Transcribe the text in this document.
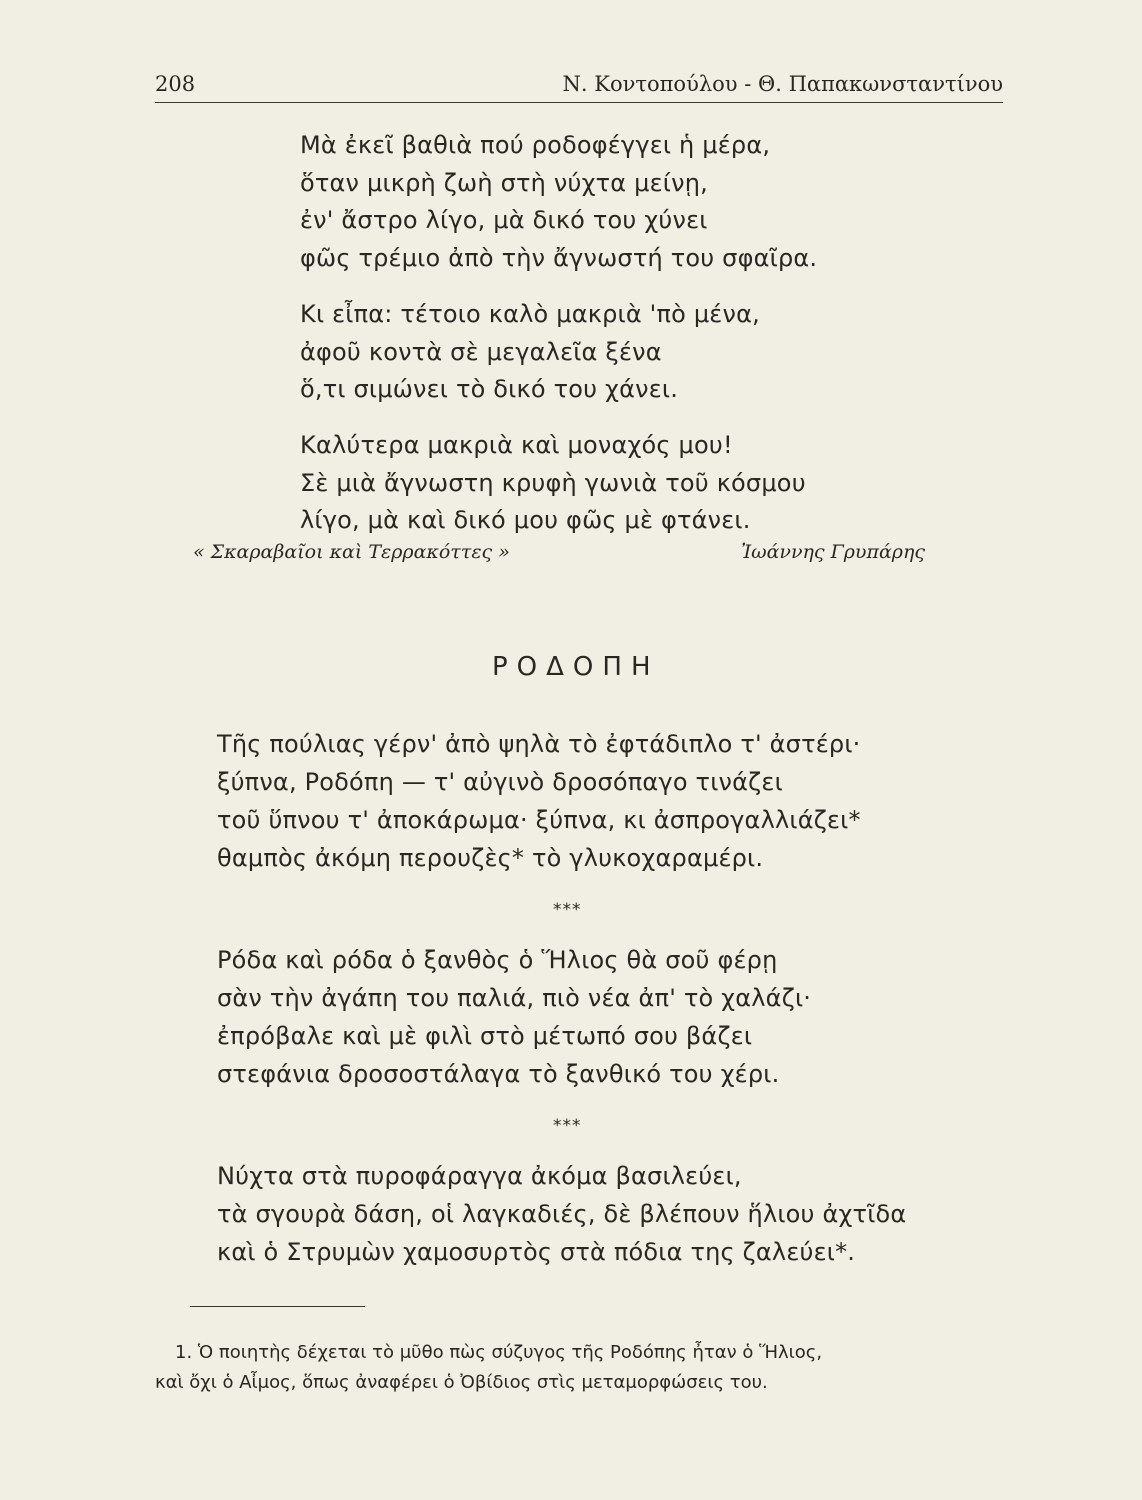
208	Ν. Κοντοπούλου - Θ. Παπακωνσταντίνου
Μὰ ἐκεῖ βαθιὰ πού ροδοφέγγει ἡ μέρα,
ὅταν μικρὴ ζωὴ στὴ νύχτα μείνῃ,
ἐν' ἄστρο λίγο, μὰ δικό του χύνει
φῶς τρέμιο ἀπὸ τὴν ἄγνωστή του σφαῖρα.
Κι εἶπα: τέτοιο καλὸ μακριὰ 'πὸ μένα,
ἀφοῦ κοντὰ σὲ μεγαλεῖα ξένα
ὅ,τι σιμώνει τὸ δικό του χάνει.
Καλύτερα μακριὰ καὶ μοναχός μου!
Σὲ μιὰ ἄγνωστη κρυφὴ γωνιὰ τοῦ κόσμου
λίγο, μὰ καὶ δικό μου φῶς μὲ φτάνει.
« Σκαραβαῖοι καὶ Τερρακόττες »	Ἰωάννης Γρυπάρης
ΡΟΔΟΠΗ
Τῆς πούλιας γέρν' ἀπὸ ψηλὰ τὸ ἐφτάδιπλο τ' ἀστέρι·
ξύπνα, Ροδόπη — τ' αὐγινὸ δροσόπαγο τινάζει
τοῦ ὕπνου τ' ἀποκάρωμα· ξύπνα, κι ἀσπρογαλλιάζει*
θαμπὸς ἀκόμη περουζὲς* τὸ γλυκοχαραμέρι.
***
Ρόδα καὶ ρόδα ὁ ξανθὸς ὁ Ἥλιος θὰ σοῦ φέρῃ
σὰν τὴν ἀγάπη του παλιά, πιὸ νέα ἀπ' τὸ χαλάζι·
ἐπρόβαλε καὶ μὲ φιλὶ στὸ μέτωπό σου βάζει
στεφάνια δροσοστάλαγα τὸ ξανθικό του χέρι.
***
Νύχτα στὰ πυροφάραγγα ἀκόμα βασιλεύει,
τὰ σγουρὰ δάση, οἱ λαγκαδιές, δὲ βλέπουν ἥλιου ἀχτῖδα
καὶ ὁ Στρυμὼν χαμοσυρτὸς στὰ πόδια της ζαλεύει*.
1. Ὁ ποιητὴς δέχεται τὸ μῦθο πὼς σύζυγος τῆς Ροδόπης ἦταν ὁ Ἥλιος,
καὶ ὄχι ὁ Αἶμος, ὅπως ἀναφέρει ὁ Ὀβίδιος στὶς μεταμορφώσεις του.
